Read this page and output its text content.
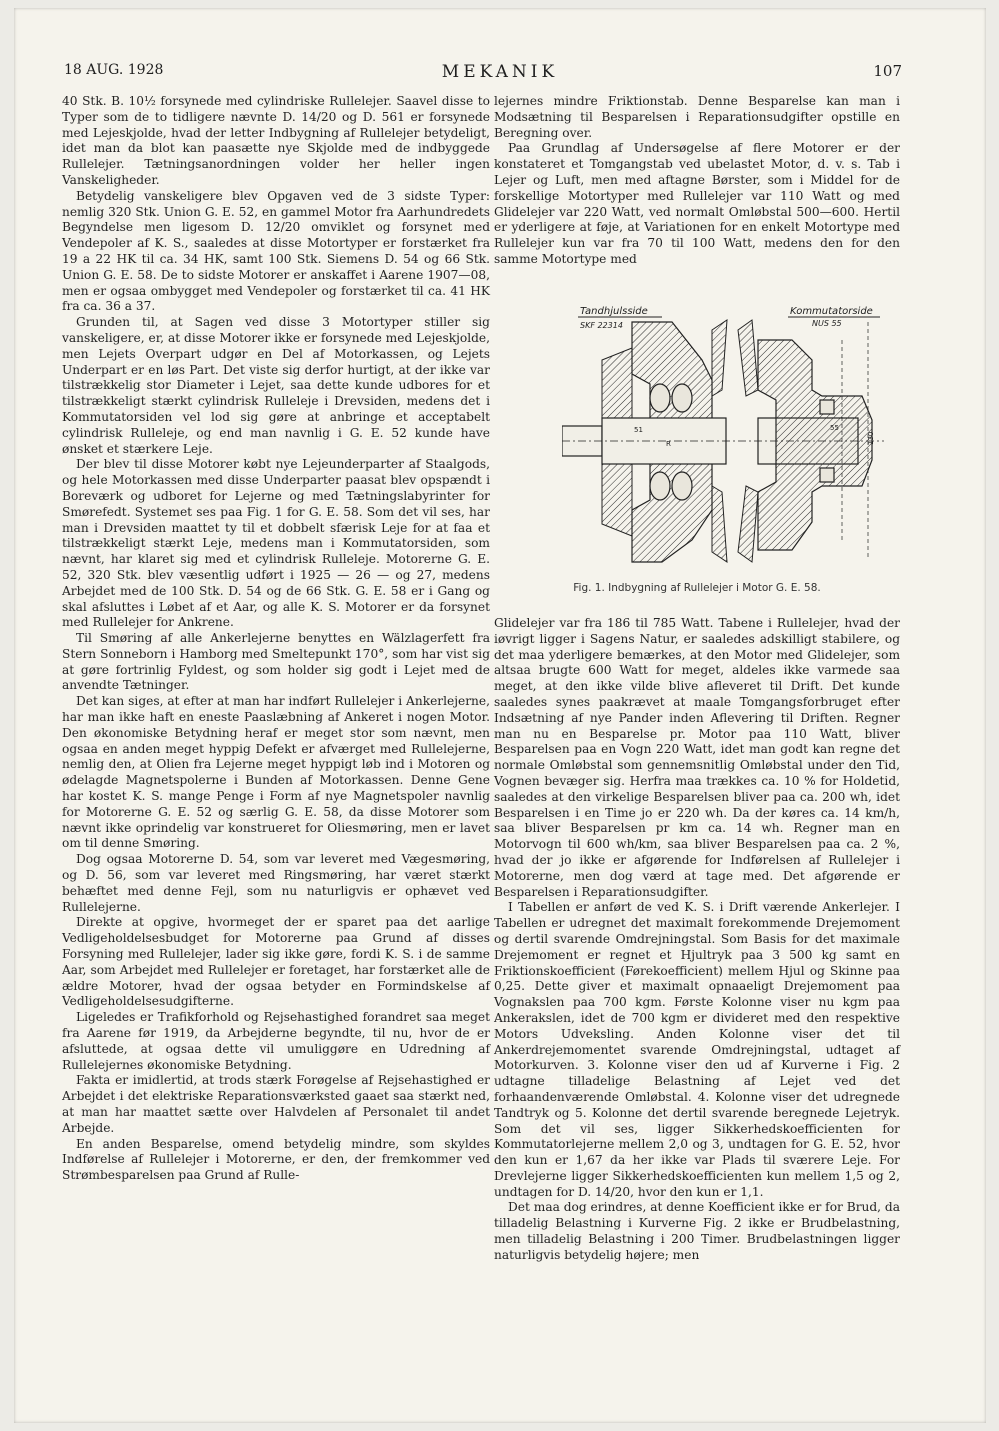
18 AUG. 1928	MEKANIK	107

40 Stk. B. 10½ forsynede med cylindriske Rullelejer. Saavel disse to Typer som de to tidligere nævnte D. 14/20 og D. 561 er forsynede med Lejeskjolde, hvad der letter Indbygning af Rullelejer betydeligt, idet man da blot kan paasætte nye Skjolde med de indbyggede Rullelejer. Tætningsanordningen volder her heller ingen Vanskeligheder.

Betydelig vanskeligere blev Opgaven ved de 3 sidste Typer: nemlig 320 Stk. Union G. E. 52, en gammel Motor fra Aarhundredets Begyndelse men ligesom D. 12/20 omviklet og forsynet med Vendepoler af K. S., saaledes at disse Motortyper er forstærket fra 19 a 22 HK til ca. 34 HK, samt 100 Stk. Siemens D. 54 og 66 Stk. Union G. E. 58. De to sidste Motorer er anskaffet i Aarene 1907—08, men er ogsaa ombygget med Vendepoler og forstærket til ca. 41 HK fra ca. 36 a 37.

Grunden til, at Sagen ved disse 3 Motortyper stiller sig vanskeligere, er, at disse Motorer ikke er forsynede med Lejeskjolde, men Lejets Overpart udgør en Del af Motorkassen, og Lejets Underpart er en løs Part. Det viste sig derfor hurtigt, at der ikke var tilstrækkelig stor Diameter i Lejet, saa dette kunde udbores for et tilstrækkeligt stærkt cylindrisk Rulleleje i Drevsiden, medens det i Kommutatorsiden vel lod sig gøre at anbringe et acceptabelt cylindrisk Rulleleje, og end man navnlig i G. E. 52 kunde have ønsket et stærkere Leje.

Der blev til disse Motorer købt nye Lejeunderparter af Staalgods, og hele Motorkassen med disse Underparter paasat blev opspændt i Boreværk og udboret for Lejerne og med Tætningslabyrinter for Smørefedt. Systemet ses paa Fig. 1 for G. E. 58. Som det vil ses, har man i Drevsiden maattet ty til et dobbelt sfærisk Leje for at faa et tilstrækkeligt stærkt Leje, medens man i Kommutatorsiden, som nævnt, har klaret sig med et cylindrisk Rulleleje. Motorerne G. E. 52, 320 Stk. blev væsentlig udført i 1925 — 26 — og 27, medens Arbejdet med de 100 Stk. D. 54 og de 66 Stk. G. E. 58 er i Gang og skal afsluttes i Løbet af et Aar, og alle K. S. Motorer er da forsynet med Rullelejer for Ankrene.

Til Smøring af alle Ankerlejerne benyttes en Wälzlagerfett fra Stern Sonneborn i Hamborg med Smeltepunkt 170°, som har vist sig at gøre fortrinlig Fyldest, og som holder sig godt i Lejet med de anvendte Tætninger.

Det kan siges, at efter at man har indført Rullelejer i Ankerlejerne, har man ikke haft en eneste Paaslæbning af Ankeret i nogen Motor. Den økonomiske Betydning heraf er meget stor som nævnt, men ogsaa en anden meget hyppig Defekt er afværget med Rullelejerne, nemlig den, at Olien fra Lejerne meget hyppigt løb ind i Motoren og ødelagde Magnetspolerne i Bunden af Motorkassen. Denne Gene har kostet K. S. mange Penge i Form af nye Magnetspoler navnlig for Motorerne G. E. 52 og særlig G. E. 58, da disse Motorer som nævnt ikke oprindelig var konstrueret for Oliesmøring, men er lavet om til denne Smøring.

Dog ogsaa Motorerne D. 54, som var leveret med Vægesmøring, og D. 56, som var leveret med Ringsmøring, har været stærkt behæftet med denne Fejl, som nu naturligvis er ophævet ved Rullelejerne.

Direkte at opgive, hvormeget der er sparet paa det aarlige Vedligeholdelsesbudget for Motorerne paa Grund af disses Forsyning med Rullelejer, lader sig ikke gøre, fordi K. S. i de samme Aar, som Arbejdet med Rullelejer er foretaget, har forstærket alle de ældre Motorer, hvad der ogsaa betyder en Formindskelse af Vedligeholdelsesudgifterne.

Ligeledes er Trafikforhold og Rejsehastighed forandret saa meget fra Aarene før 1919, da Arbejderne begyndte, til nu, hvor de er afsluttede, at ogsaa dette vil umuliggøre en Udredning af Rullelejernes økonomiske Betydning.

Fakta er imidlertid, at trods stærk Forøgelse af Rejsehastighed er Arbejdet i det elektriske Reparationsværksted gaaet saa stærkt ned, at man har maattet sætte over Halvdelen af Personalet til andet Arbejde.

En anden Besparelse, omend betydelig mindre, som skyldes Indførelse af Rullelejer i Motorerne, er den, der fremkommer ved Strømbesparelsen paa Grund af Rulle-

lejernes mindre Friktionstab. Denne Besparelse kan man i Modsætning til Besparelsen i Reparationsudgifter opstille en Beregning over.

Paa Grundlag af Undersøgelse af flere Motorer er der konstateret et Tomgangstab ved ubelastet Motor, d. v. s. Tab i Lejer og Luft, men med aftagne Børster, som i Middel for de forskellige Motortyper med Rullelejer var 110 Watt og med Glidelejer var 220 Watt, ved normalt Omløbstal 500—600. Hertil er yderligere at føje, at Variationen for en enkelt Motortype med Rullelejer kun var fra 70 til 100 Watt, medens den for den samme Motortype med

Tandhjulsside
SKF 22314
Kommutatorside
NUS 55
51
R
55
130
Fig. 1. Indbygning af Rullelejer i Motor G. E. 58.

Glidelejer var fra 186 til 785 Watt. Tabene i Rullelejer, hvad der iøvrigt ligger i Sagens Natur, er saaledes adskilligt stabilere, og det maa yderligere bemærkes, at den Motor med Glidelejer, som altsaa brugte 600 Watt for meget, aldeles ikke varmede saa meget, at den ikke vilde blive afleveret til Drift. Det kunde saaledes synes paakrævet at maale Tomgangsforbruget efter Indsætning af nye Pander inden Aflevering til Driften. Regner man nu en Besparelse pr. Motor paa 110 Watt, bliver Besparelsen paa en Vogn 220 Watt, idet man godt kan regne det normale Omløbstal som gennemsnitlig Omløbstal under den Tid, Vognen bevæger sig. Herfra maa trækkes ca. 10 % for Holdetid, saaledes at den virkelige Besparelsen bliver paa ca. 200 wh, idet Besparelsen i en Time jo er 220 wh. Da der køres ca. 14 km/h, saa bliver Besparelsen pr km ca. 14 wh. Regner man en Motorvogn til 600 wh/km, saa bliver Besparelsen paa ca. 2 %, hvad der jo ikke er afgørende for Indførelsen af Rullelejer i Motorerne, men dog værd at tage med. Det afgørende er Besparelsen i Reparationsudgifter.

I Tabellen er anført de ved K. S. i Drift værende Ankerlejer. I Tabellen er udregnet det maximalt forekommende Drejemoment og dertil svarende Omdrejningstal. Som Basis for det maximale Drejemoment er regnet et Hjultryk paa 3 500 kg samt en Friktionskoefficient (Førekoefficient) mellem Hjul og Skinne paa 0,25. Dette giver et maximalt opnaaeligt Drejemoment paa Vognakslen paa 700 kgm. Første Kolonne viser nu kgm paa Ankerakslen, idet de 700 kgm er divideret med den respektive Motors Udveksling. Anden Kolonne viser det til Ankerdrejemomentet svarende Omdrejningstal, udtaget af Motorkurven. 3. Kolonne viser den ud af Kurverne i Fig. 2 udtagne tilladelige Belastning af Lejet ved det forhaandenværende Omløbstal. 4. Kolonne viser det udregnede Tandtryk og 5. Kolonne det dertil svarende beregnede Lejetryk. Som det vil ses, ligger Sikkerhedskoefficienten for Kommutatorlejerne mellem 2,0 og 3, undtagen for G. E. 52, hvor den kun er 1,67 da her ikke var Plads til sværere Leje. For Drevlejerne ligger Sikkerhedskoefficienten kun mellem 1,5 og 2, undtagen for D. 14/20, hvor den kun er 1,1.

Det maa dog erindres, at denne Koefficient ikke er for Brud, da tilladelig Belastning i Kurverne Fig. 2 ikke er Brudbelastning, men tilladelig Belastning i 200 Timer. Brudbelastningen ligger naturligvis betydelig højere; men
